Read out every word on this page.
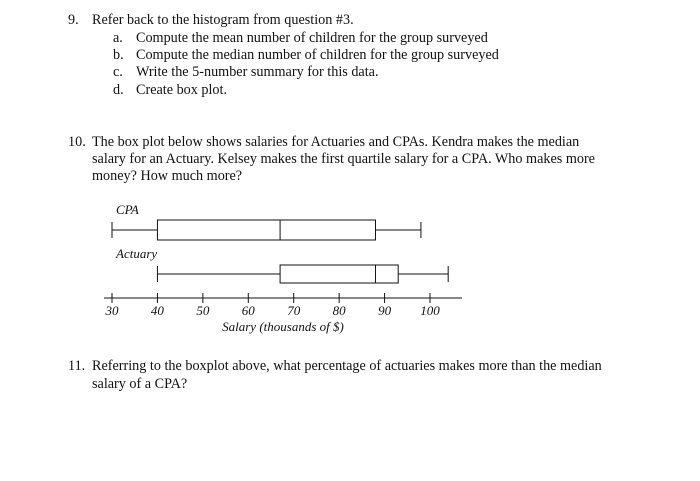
9. Refer back to the histogram from question #3.
a. Compute the mean number of children for the group surveyed
b. Compute the median number of children for the group surveyed
c. Write the 5-number summary for this data.
d. Create box plot.
10. The box plot below shows salaries for Actuaries and CPAs. Kendra makes the median
salary for an Actuary. Kelsey makes the first quartile salary for a CPA. Who makes more
money? How much more?
CPA
Actuary
30 40 50 60 70 80 90 100
Salary (thousands of $)
11. Referring to the boxplot above, what percentage of actuaries makes more than the median
salary of a CPA?
